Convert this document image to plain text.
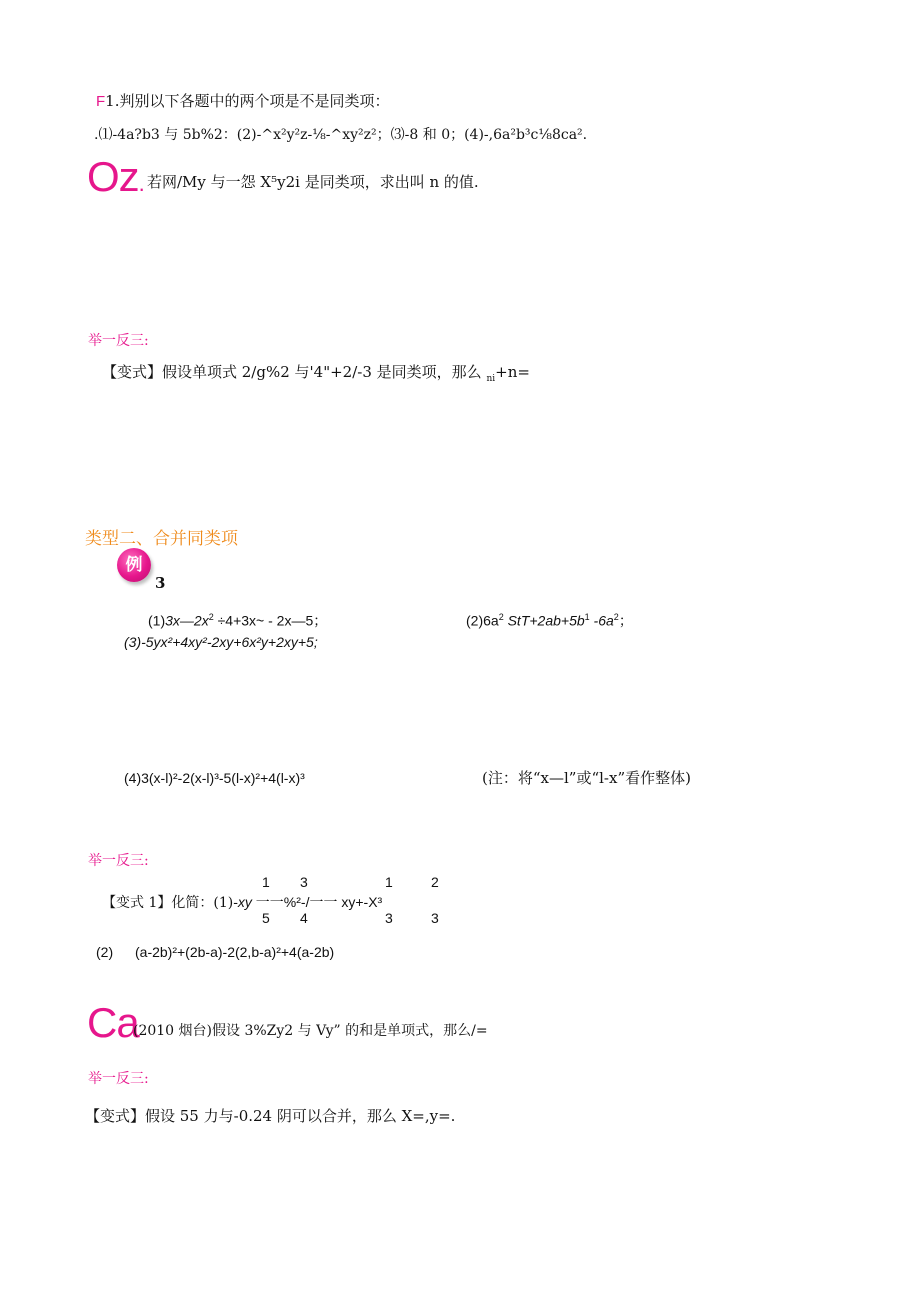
F1.判别以下各题中的两个项是不是同类项：
.⑴-4a?b3 与 5b%2：(2)-^x²y²z-⅛-^xy²z²；⑶-8 和 0；(4)-,6a²b³c⅛8ca².
Oz. 若网/My 与一怨 X⁵y2i 是同类项，求出叫 n 的值.
举一反三:
【变式】假设单项式 2∕g%2 与'4"+2/-3 是同类项，那么 $_{ni}$+n=
类型二、合并同类项
例
3
$(1)3x—2x^2$ ÷4+3x~ - 2x—5；	$(2)6a^2$ $StT+2ab+5b^1$ $-6a^2$；
(3)-5yx²+4xy²-2xy+6x²y+2xy+5;
(4)3(x-l)²-2(x-l)³-5(l-x)²+4(l-x)³	(注：将“x—l”或“l-x”看作整体)
举一反三:
1 3	1	2
【变式 1】化简：(1)-xy 一一%²-/一一 xy+-X³
5 4	3	3
(2) (a-2b)²+(2b-a)-2(2,b-a)²+4(a-2b)
Ca
(2010 烟台)假设 3%Zy2 与 Vy” 的和是单项式，那么/=
举一反三:
【变式】假设 55 力与-0.24 阴可以合并，那么 X=,y=.
